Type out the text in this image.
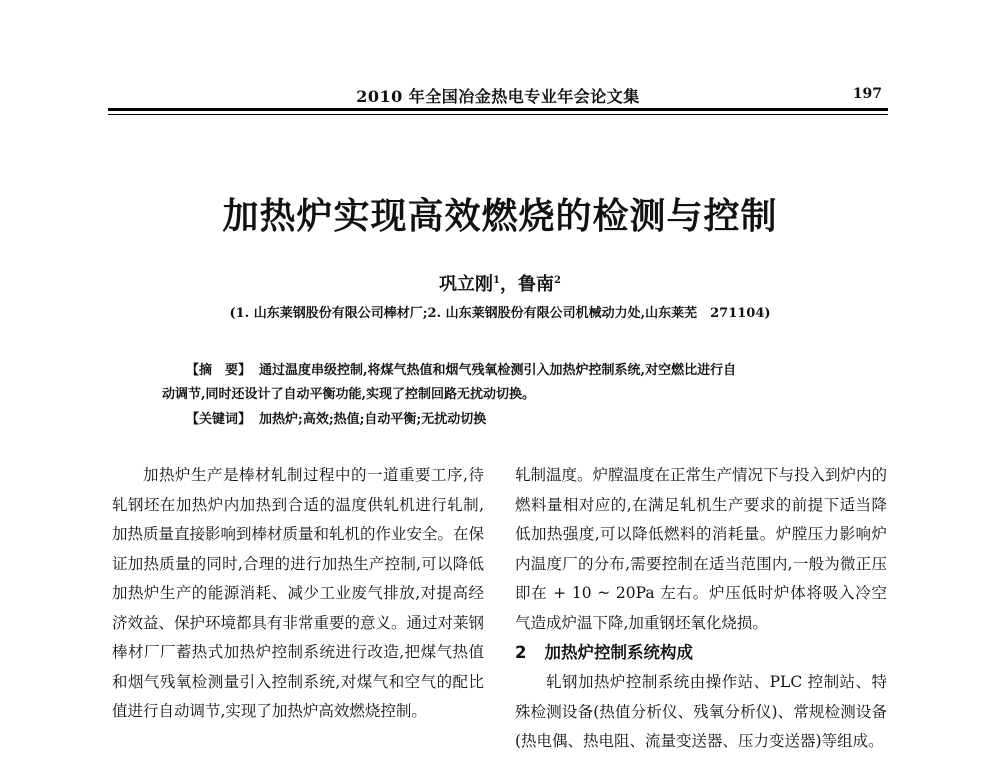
2010 年全国冶金热电专业年会论文集	197
加热炉实现高效燃烧的检测与控制
巩立刚$^1$，鲁南$^2$
(1. 山东莱钢股份有限公司棒材厂;2. 山东莱钢股份有限公司机械动力处,山东莱芜　271104)
【摘　要】 通过温度串级控制,将煤气热值和烟气残氧检测引入加热炉控制系统,对空燃比进行自
动调节,同时还设计了自动平衡功能,实现了控制回路无扰动切换。
【关键词】 加热炉;高效;热值;自动平衡;无扰动切换

加热炉生产是棒材轧制过程中的一道重要工序,待轧钢坯在加热炉内加热到合适的温度供轧机进行轧制,加热质量直接影响到棒材质量和轧机的作业安全。在保证加热质量的同时,合理的进行加热生产控制,可以降低加热炉生产的能源消耗、减少工业废气排放,对提高经济效益、保护环境都具有非常重要的意义。通过对莱钢棒材厂厂蓄热式加热炉控制系统进行改造,把煤气热值和烟气残氧检测量引入控制系统,对煤气和空气的配比值进行自动调节,实现了加热炉高效燃烧控制。

轧制温度。炉膛温度在正常生产情况下与投入到炉内的燃料量相对应的,在满足轧机生产要求的前提下适当降低加热强度,可以降低燃料的消耗量。炉膛压力影响炉内温度厂的分布,需要控制在适当范围内,一般为微正压即在 + 10 ~ 20Pa 左右。炉压低时炉体将吸入冷空气造成炉温下降,加重钢坯氧化烧损。

2 加热炉控制系统构成

轧钢加热炉控制系统由操作站、PLC 控制站、特殊检测设备(热值分析仪、残氧分析仪)、常规检测设备(热电偶、热电阻、流量变送器、压力变送器)等组成。
